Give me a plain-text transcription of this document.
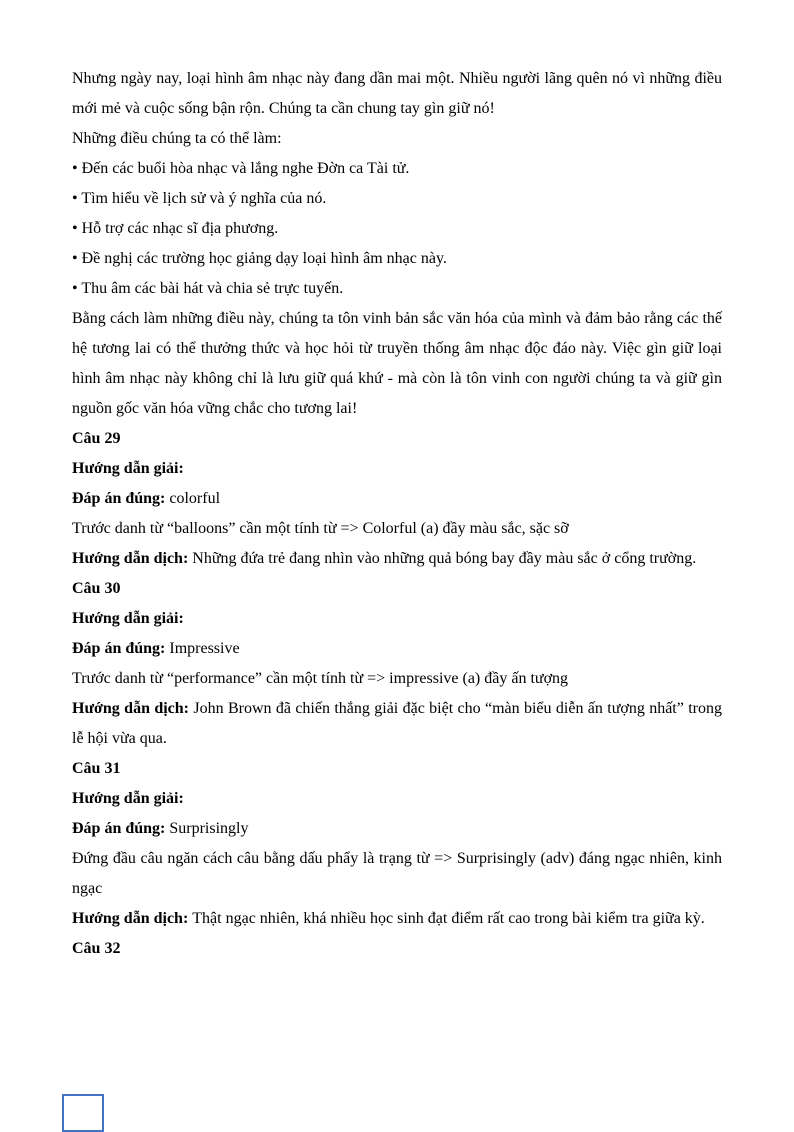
Nhưng ngày nay, loại hình âm nhạc này đang dần mai một. Nhiều người lãng quên nó vì những điều mới mẻ và cuộc sống bận rộn. Chúng ta cần chung tay gìn giữ nó!

Những điều chúng ta có thể làm:

• Đến các buổi hòa nhạc và lắng nghe Đờn ca Tài tử.

• Tìm hiểu về lịch sử và ý nghĩa của nó.

• Hỗ trợ các nhạc sĩ địa phương.

• Đề nghị các trường học giảng dạy loại hình âm nhạc này.

• Thu âm các bài hát và chia sẻ trực tuyến.

Bằng cách làm những điều này, chúng ta tôn vinh bản sắc văn hóa của mình và đảm bảo rằng các thế hệ tương lai có thể thưởng thức và học hỏi từ truyền thống âm nhạc độc đáo này. Việc gìn giữ loại hình âm nhạc này không chỉ là lưu giữ quá khứ - mà còn là tôn vinh con người chúng ta và giữ gìn nguồn gốc văn hóa vững chắc cho tương lai!

Câu 29

Hướng dẫn giải:

Đáp án đúng: colorful

Trước danh từ “balloons” cần một tính từ => Colorful (a) đầy màu sắc, sặc sỡ

Hướng dẫn dịch: Những đứa trẻ đang nhìn vào những quả bóng bay đầy màu sắc ở cổng trường.

Câu 30

Hướng dẫn giải:

Đáp án đúng: Impressive

Trước danh từ “performance” cần một tính từ => impressive (a) đầy ấn tượng

Hướng dẫn dịch: John Brown đã chiến thắng giải đặc biệt cho “màn biểu diễn ấn tượng nhất” trong lễ hội vừa qua.

Câu 31

Hướng dẫn giải:

Đáp án đúng: Surprisingly

Đứng đầu câu ngăn cách câu bằng dấu phẩy là trạng từ => Surprisingly (adv) đáng ngạc nhiên, kinh ngạc

Hướng dẫn dịch: Thật ngạc nhiên, khá nhiều học sinh đạt điểm rất cao trong bài kiểm tra giữa kỳ.

Câu 32
